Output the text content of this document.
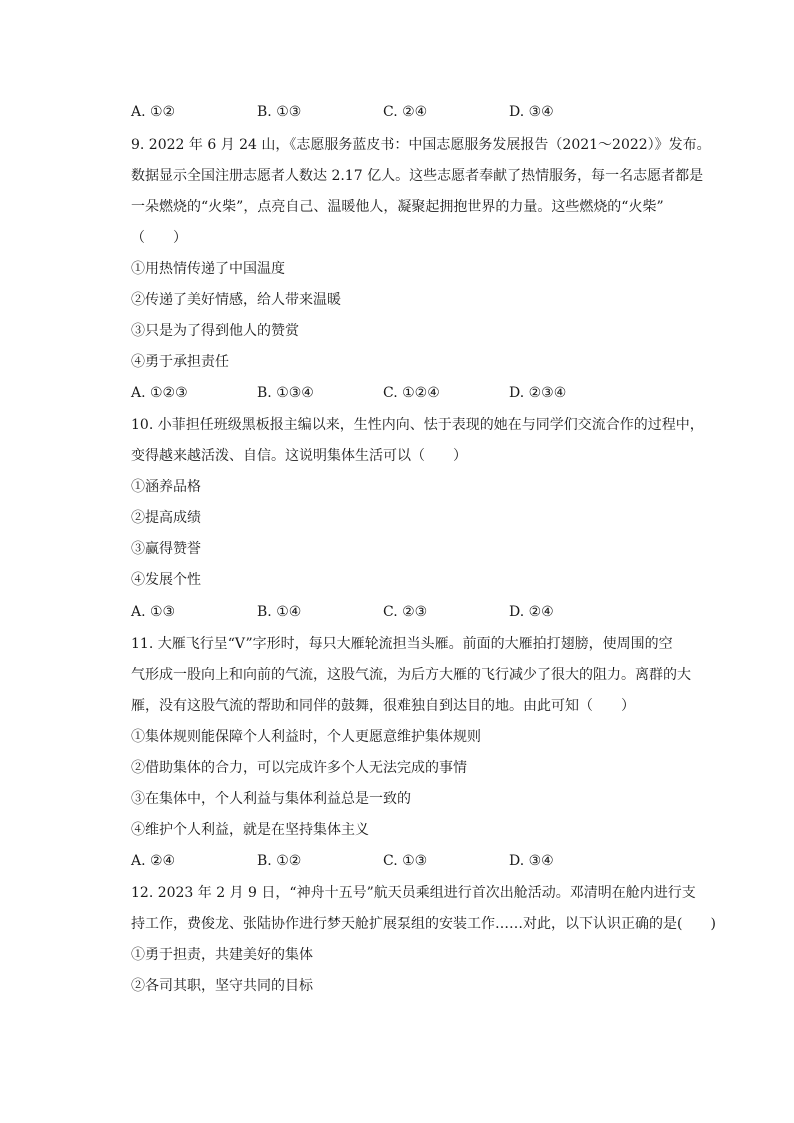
A. ①②	B. ①③	C. ②④	D. ③④
9. 2022 年 6 月 24 山，《志愿服务蓝皮书：中国志愿服务发展报告（2021～2022）》发布。
数据显示全国注册志愿者人数达 2.17 亿人。这些志愿者奉献了热情服务，每一名志愿者都是
一朵燃烧的“火柴”，点亮自己、温暖他人，凝聚起拥抱世界的力量。这些燃烧的“火柴”
（　　）
①用热情传递了中国温度
②传递了美好情感，给人带来温暖
③只是为了得到他人的赞赏
④勇于承担责任
A. ①②③	B. ①③④	C. ①②④	D. ②③④
10. 小菲担任班级黑板报主编以来，生性内向、怯于表现的她在与同学们交流合作的过程中，
变得越来越活泼、自信。这说明集体生活可以（　　）
①涵养品格
②提高成绩
③赢得赞誉
④发展个性
A. ①③	B. ①④	C. ②③	D. ②④
11. 大雁飞行呈“V”字形时，每只大雁轮流担当头雁。前面的大雁拍打翅膀，使周围的空
气形成一股向上和向前的气流，这股气流，为后方大雁的飞行减少了很大的阻力。离群的大
雁，没有这股气流的帮助和同伴的鼓舞，很难独自到达目的地。由此可知（　　）
①集体规则能保障个人利益时，个人更愿意维护集体规则
②借助集体的合力，可以完成许多个人无法完成的事情
③在集体中，个人利益与集体利益总是一致的
④维护个人利益，就是在坚持集体主义
A. ②④	B. ①②	C. ①③	D. ③④
12. 2023 年 2 月 9 日，“神舟十五号”航天员乘组进行首次出舱活动。邓清明在舱内进行支
持工作，费俊龙、张陆协作进行梦天舱扩展泵组的安装工作……对此，以下认识正确的是(　　)
①勇于担责，共建美好的集体
②各司其职，坚守共同的目标
